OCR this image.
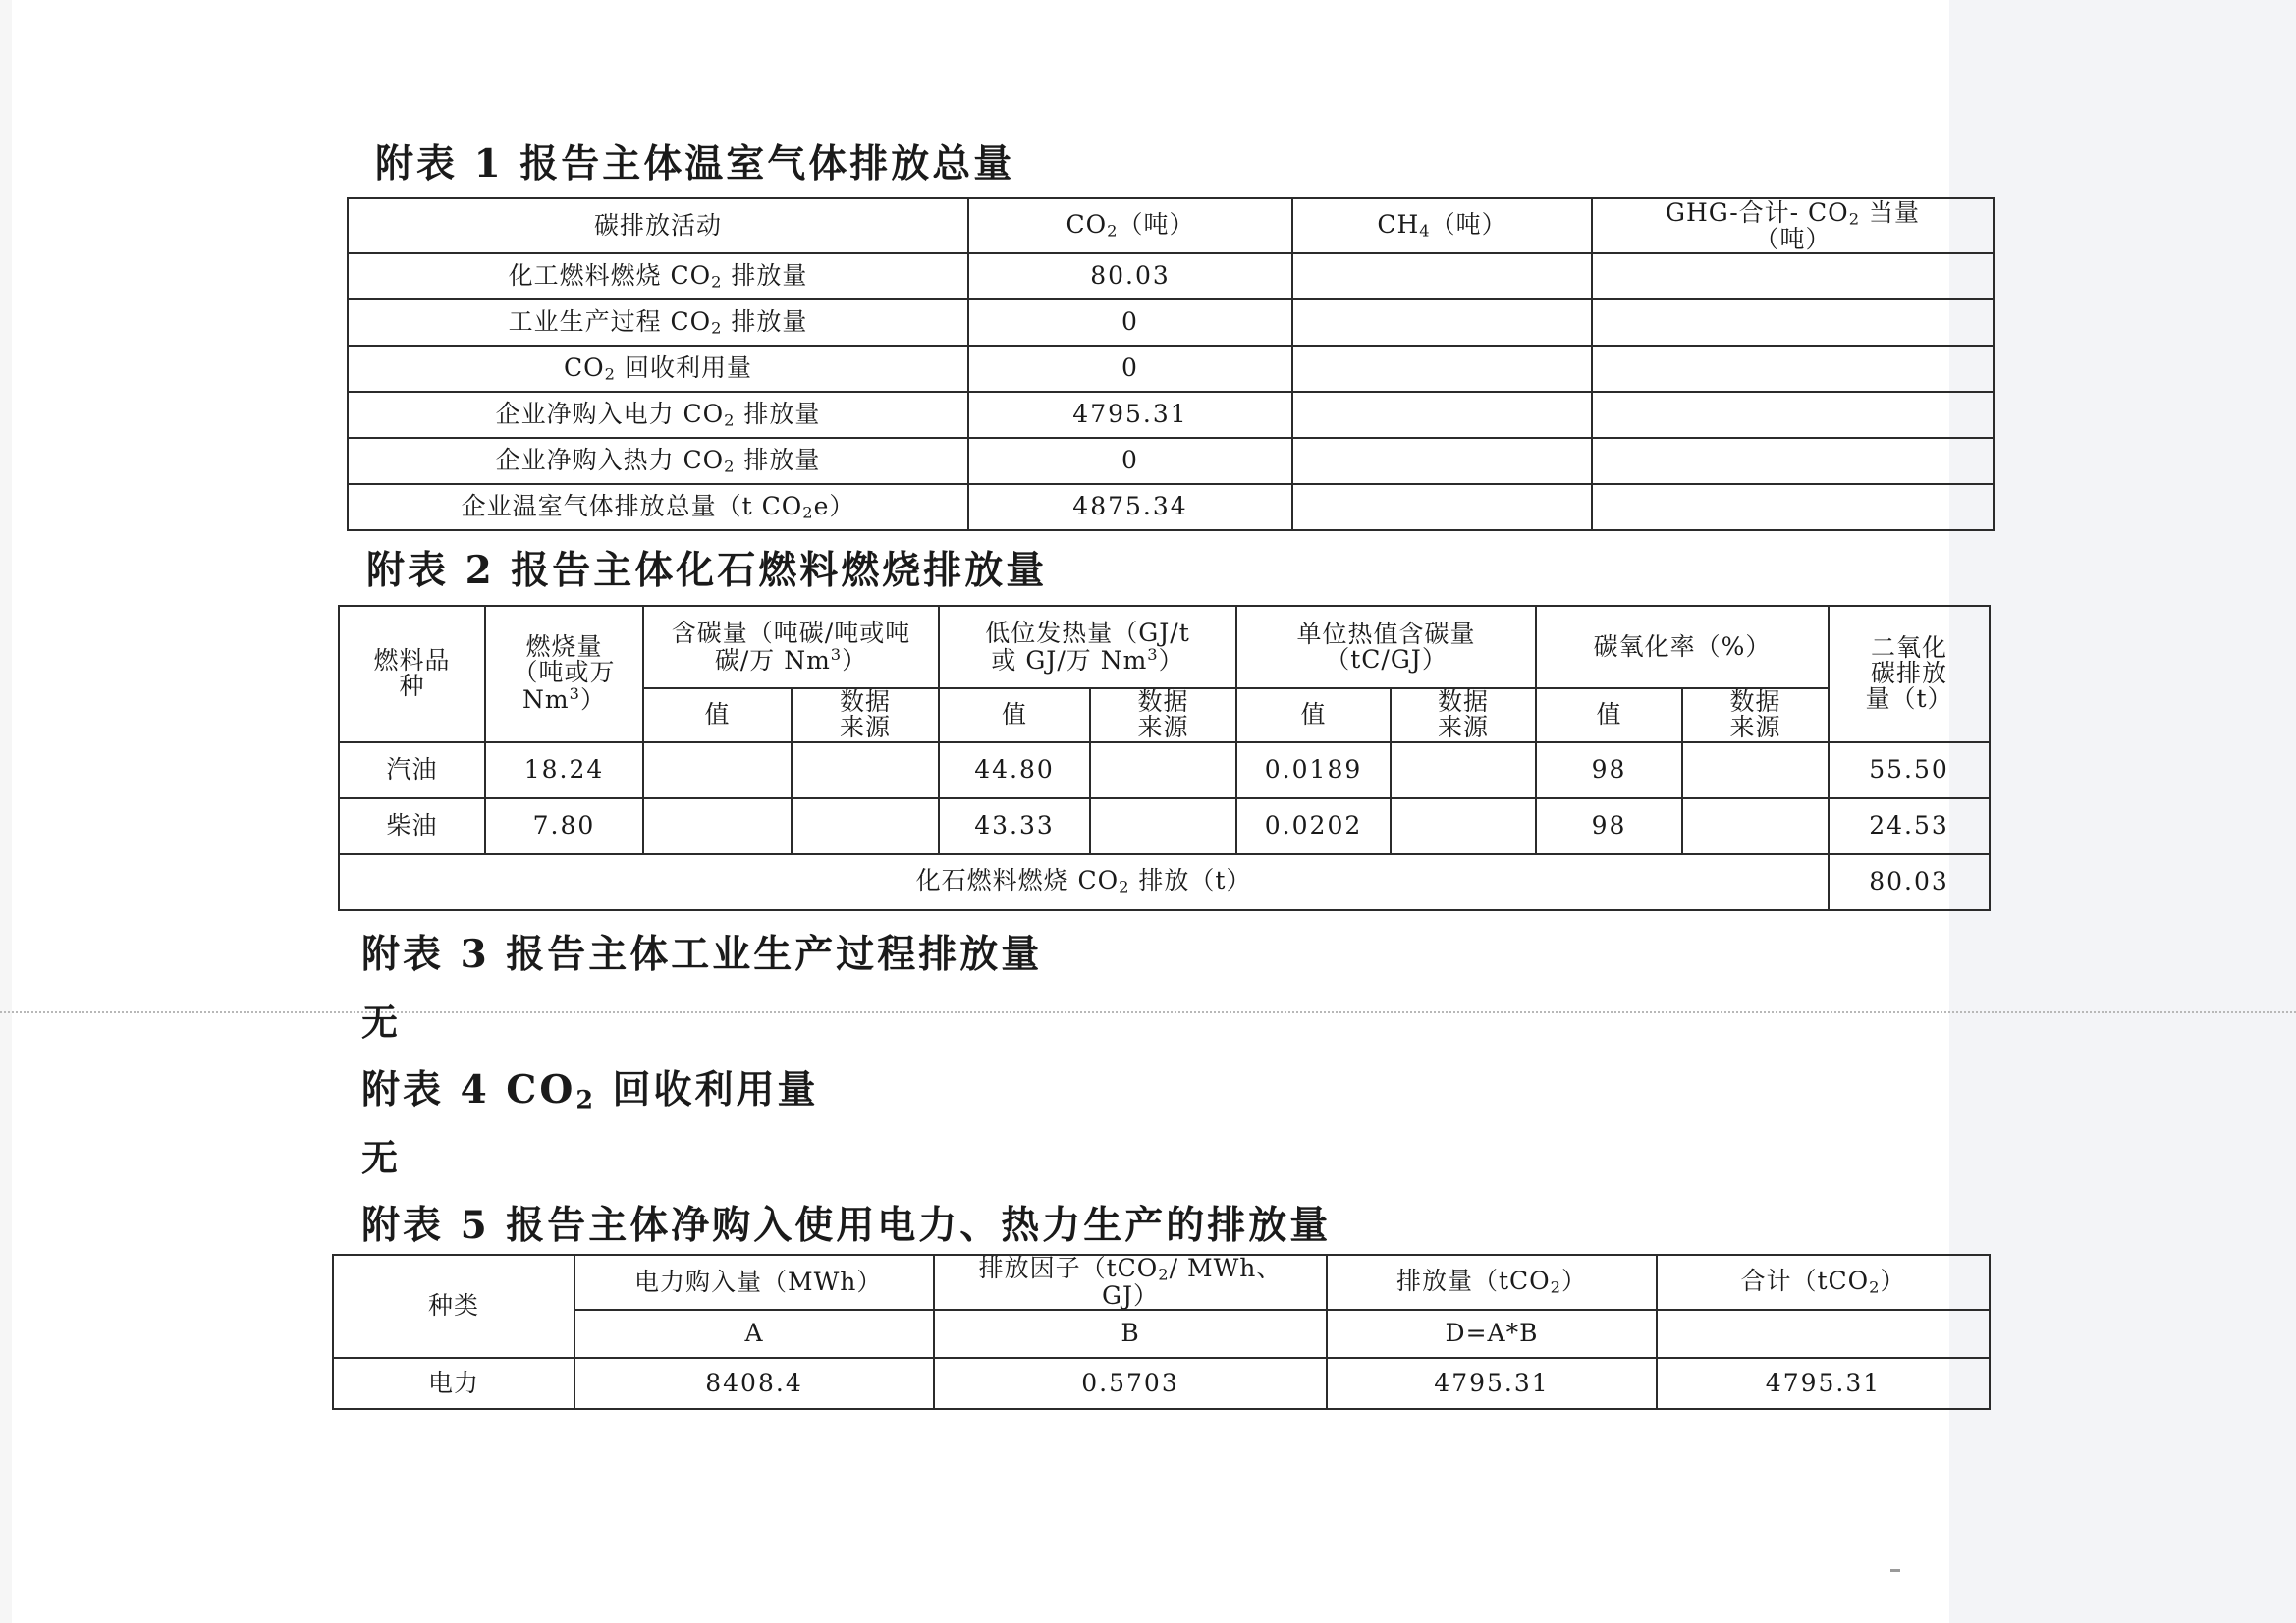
附表 1 报告主体温室气体排放总量
碳排放活动	$CO_2$（吨）	$CH_4$（吨）	GHG-合计- $CO_2$ 当量（吨）
化工燃料燃烧 $CO_2$ 排放量	80.03		
工业生产过程 $CO_2$ 排放量	0		
$CO_2$ 回收利用量	0		
企业净购入电力 $CO_2$ 排放量	4795.31		
企业净购入热力 $CO_2$ 排放量	0		
企业温室气体排放总量（t $CO_2e$）	4875.34		
附表 2 报告主体化石燃料燃烧排放量
燃料品种	燃烧量（吨或万 Nm$^3$）	含碳量（吨碳/吨或吨碳/万 Nm$^3$）		低位发热量（GJ/t 或 GJ/万 Nm$^3$）		单位热值含碳量（tC/GJ）		碳氧化率（%）		二氧化碳排放量（t）
		值	数据来源	值	数据来源	值	数据来源	值	数据来源	
汽油	18.24			44.80		0.0189		98		55.50
柴油	7.80			43.33		0.0202		98		24.53
化石燃料燃烧 $CO_2$ 排放（t）										80.03
附表 3 报告主体工业生产过程排放量

无

附表 4 $CO_2$ 回收利用量

无

附表 5 报告主体净购入使用电力、热力生产的排放量
种类	电力购入量（MWh）	排放因子（tCO$_2$/ MWh、GJ）	排放量（tCO$_2$）	合计（tCO$_2$）
	A	B	D=A*B	
电力	8408.4	0.5703	4795.31	4795.31
